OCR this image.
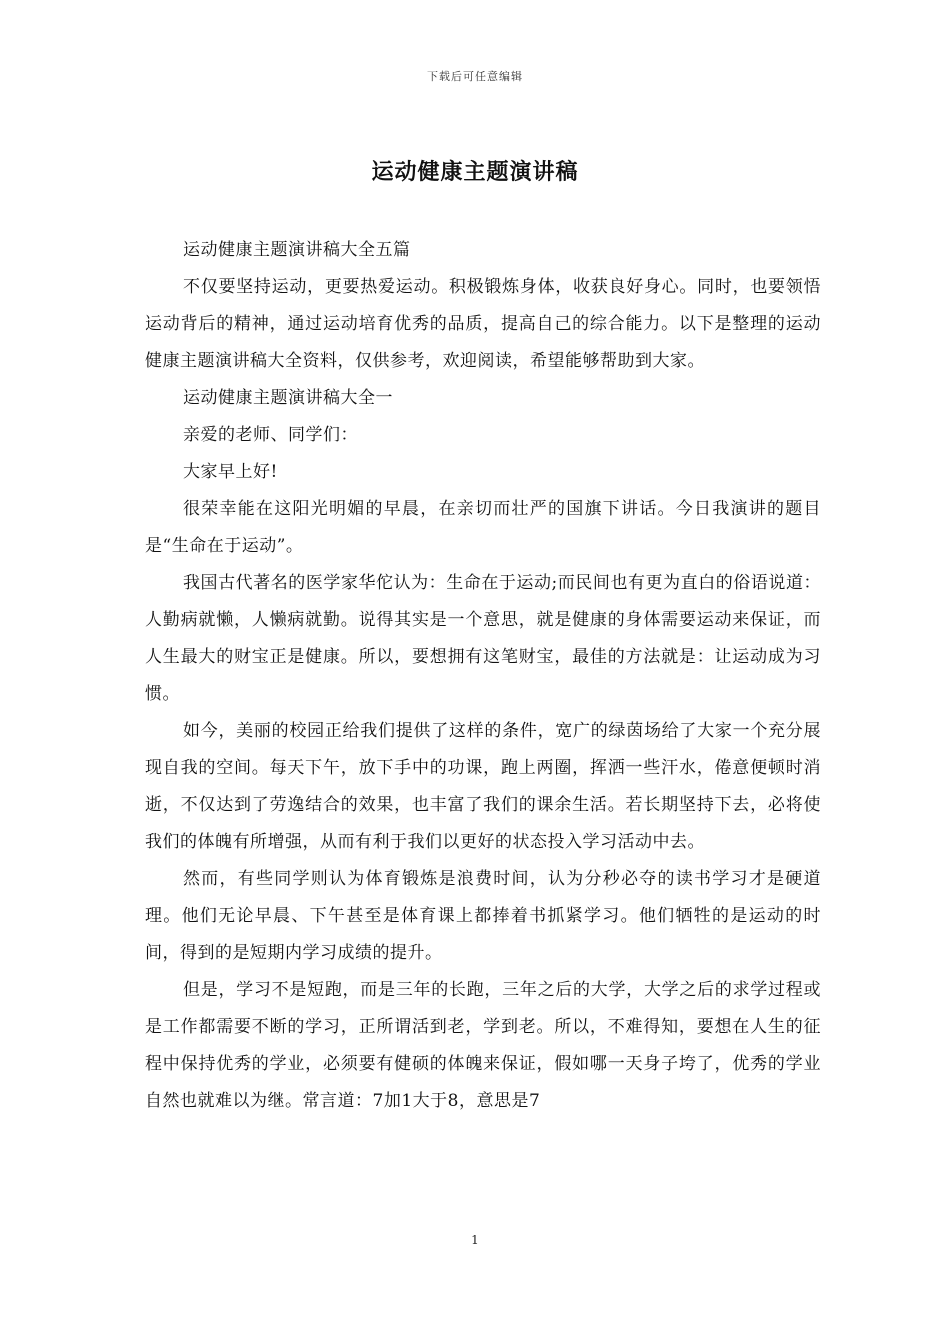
下载后可任意编辑
运动健康主题演讲稿

运动健康主题演讲稿大全五篇

不仅要坚持运动，更要热爱运动。积极锻炼身体，收获良好身心。同时，也要领悟运动背后的精神，通过运动培育优秀的品质，提高自己的综合能力。以下是整理的运动健康主题演讲稿大全资料，仅供参考，欢迎阅读，希望能够帮助到大家。

运动健康主题演讲稿大全一

亲爱的老师、同学们：

大家早上好!

很荣幸能在这阳光明媚的早晨，在亲切而壮严的国旗下讲话。今日我演讲的题目是“生命在于运动”。

我国古代著名的医学家华佗认为：生命在于运动;而民间也有更为直白的俗语说道：人勤病就懒，人懒病就勤。说得其实是一个意思，就是健康的身体需要运动来保证，而人生最大的财宝正是健康。所以，要想拥有这笔财宝，最佳的方法就是：让运动成为习惯。

如今，美丽的校园正给我们提供了这样的条件，宽广的绿茵场给了大家一个充分展现自我的空间。每天下午，放下手中的功课，跑上两圈，挥洒一些汗水，倦意便顿时消逝，不仅达到了劳逸结合的效果，也丰富了我们的课余生活。若长期坚持下去，必将使我们的体魄有所增强，从而有利于我们以更好的状态投入学习活动中去。

然而，有些同学则认为体育锻炼是浪费时间，认为分秒必夺的读书学习才是硬道理。他们无论早晨、下午甚至是体育课上都捧着书抓紧学习。他们牺牲的是运动的时间，得到的是短期内学习成绩的提升。

但是，学习不是短跑，而是三年的长跑，三年之后的大学，大学之后的求学过程或是工作都需要不断的学习，正所谓活到老，学到老。所以，不难得知，要想在人生的征程中保持优秀的学业，必须要有健硕的体魄来保证，假如哪一天身子垮了，优秀的学业自然也就难以为继。常言道：7加1大于8，意思是7

1
